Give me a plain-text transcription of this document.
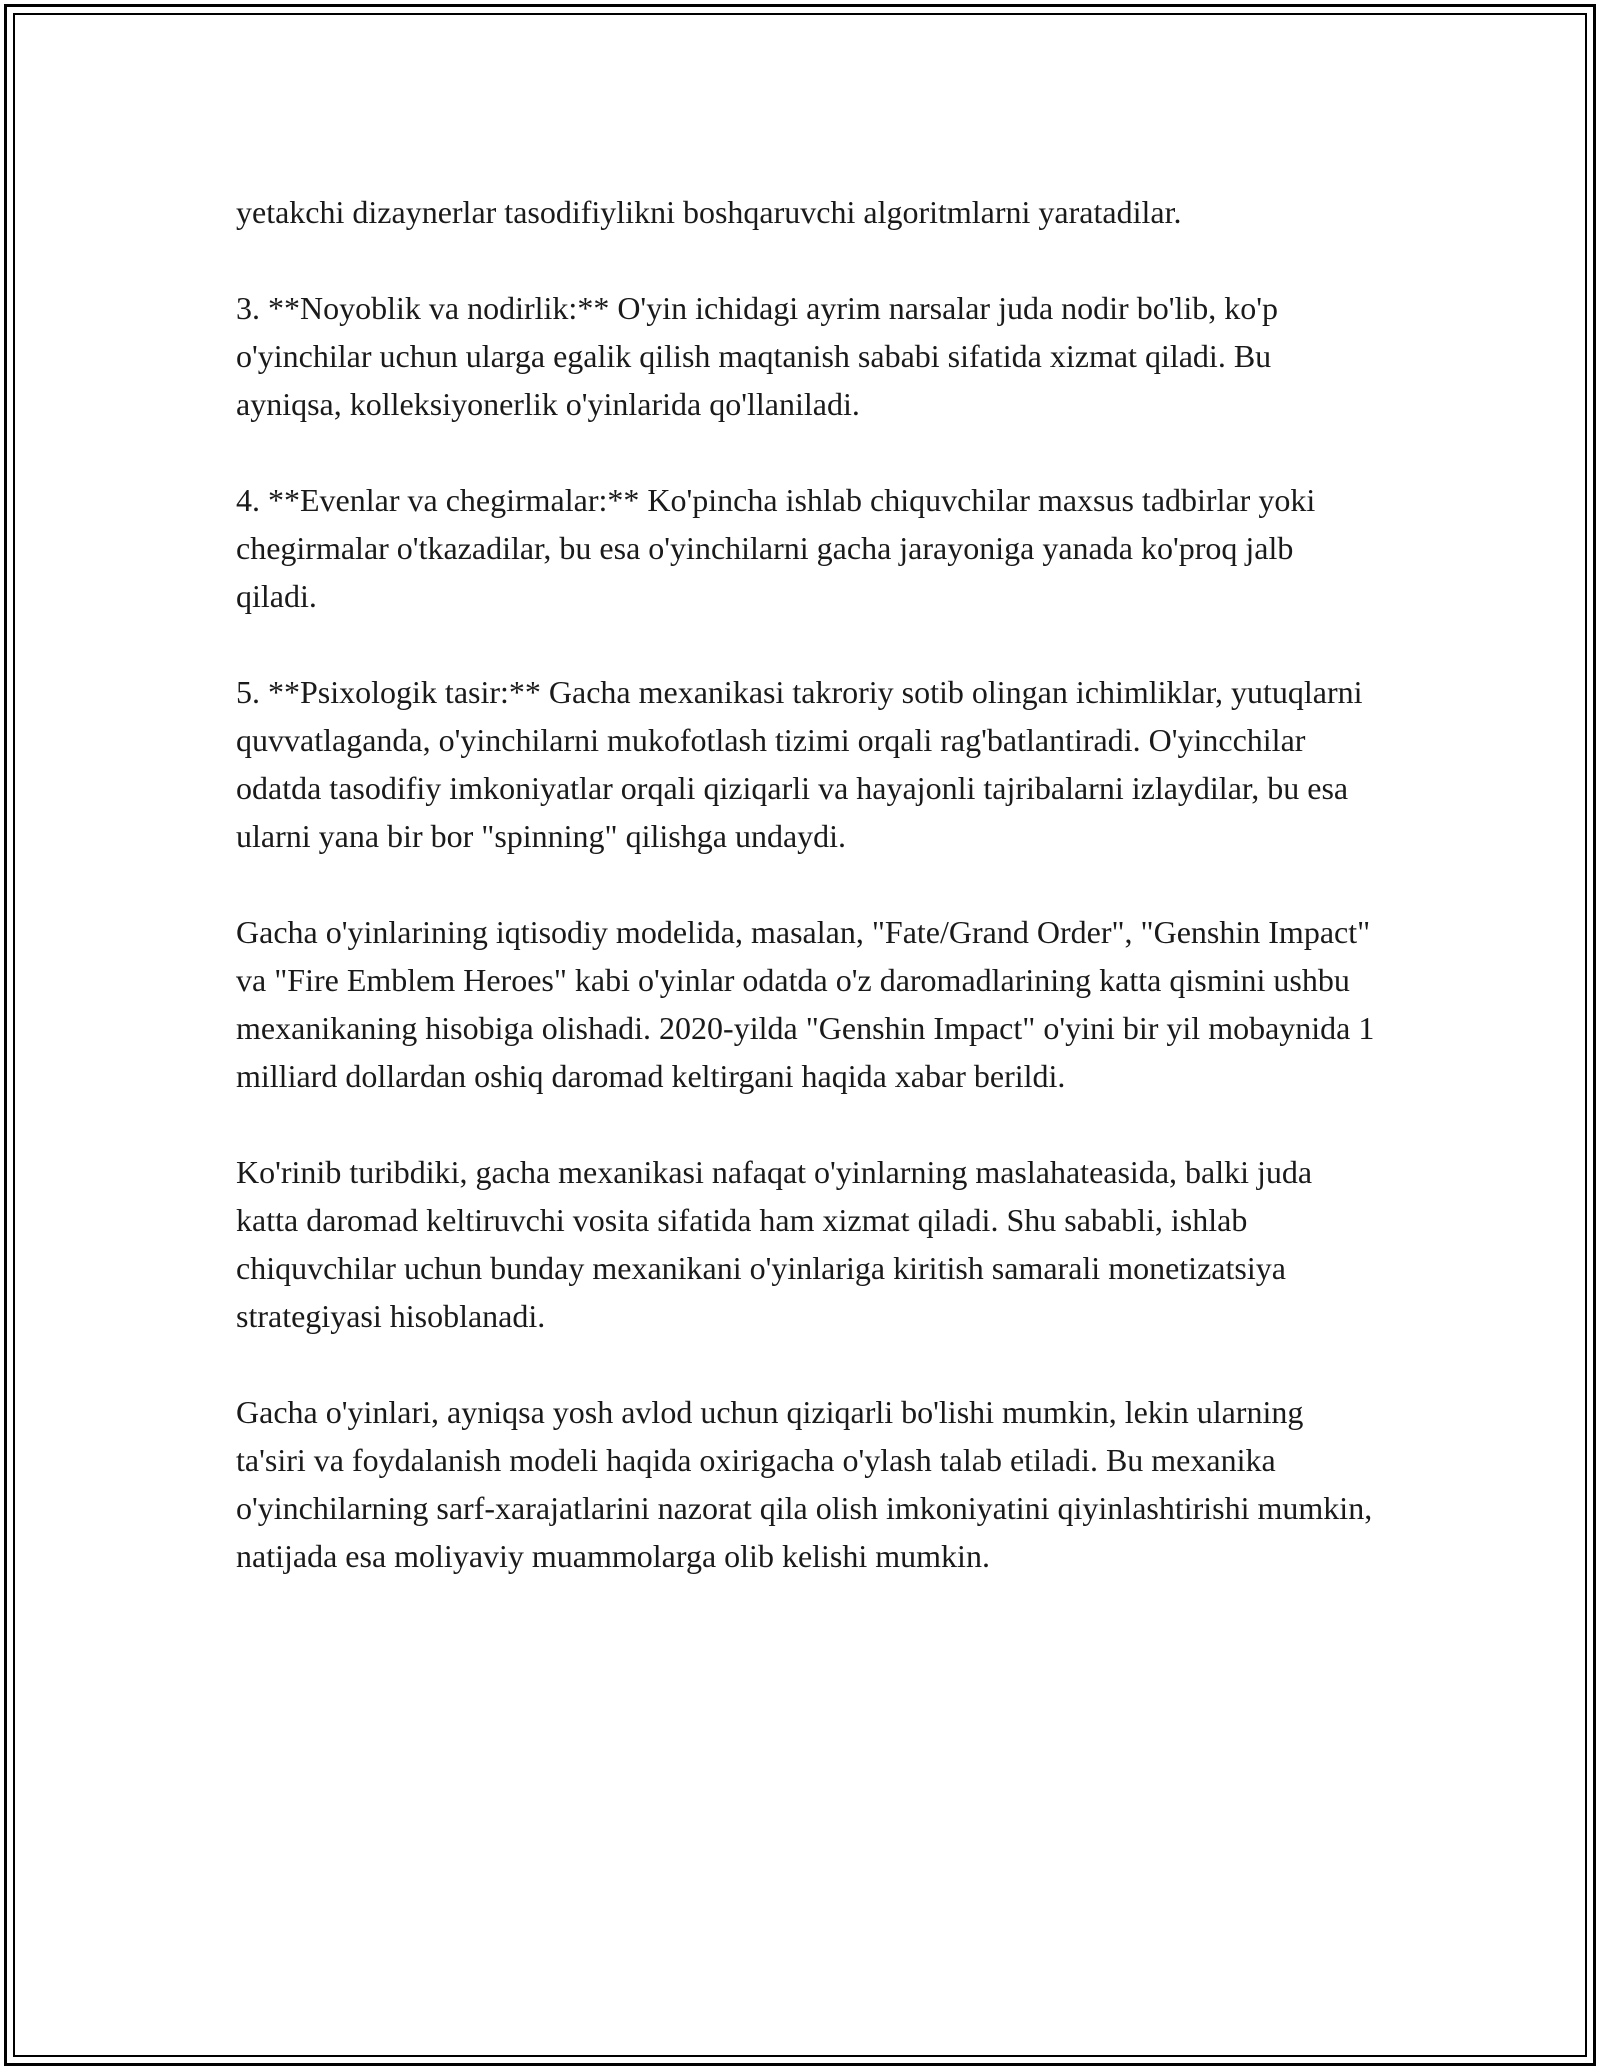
yetakchi dizaynerlar tasodifiylikni boshqaruvchi algoritmlarni yaratadilar.

3. **Noyoblik va nodirlik:** O'yin ichidagi ayrim narsalar juda nodir bo'lib, ko'p o'yinchilar uchun ularga egalik qilish maqtanish sababi sifatida xizmat qiladi. Bu ayniqsa, kolleksiyonerlik o'yinlarida qo'llaniladi.

4. **Evenlar va chegirmalar:** Ko'pincha ishlab chiquvchilar maxsus tadbirlar yoki chegirmalar o'tkazadilar, bu esa o'yinchilarni gacha jarayoniga yanada ko'proq jalb qiladi.

5. **Psixologik tasir:** Gacha mexanikasi takroriy sotib olingan ichimliklar, yutuqlarni quvvatlaganda, o'yinchilarni mukofotlash tizimi orqali rag'batlantiradi. O'yincchilar odatda tasodifiy imkoniyatlar orqali qiziqarli va hayajonli tajribalarni izlaydilar, bu esa ularni yana bir bor "spinning" qilishga undaydi.

Gacha o'yinlarining iqtisodiy modelida, masalan, "Fate/Grand Order", "Genshin Impact" va "Fire Emblem Heroes" kabi o'yinlar odatda o'z daromadlarining katta qismini ushbu mexanikaning hisobiga olishadi. 2020-yilda "Genshin Impact" o'yini bir yil mobaynida 1 milliard dollardan oshiq daromad keltirgani haqida xabar berildi.

Ko'rinib turibdiki, gacha mexanikasi nafaqat o'yinlarning maslahateasida, balki juda katta daromad keltiruvchi vosita sifatida ham xizmat qiladi. Shu sababli, ishlab chiquvchilar uchun bunday mexanikani o'yinlariga kiritish samarali monetizatsiya strategiyasi hisoblanadi.

Gacha o'yinlari, ayniqsa yosh avlod uchun qiziqarli bo'lishi mumkin, lekin ularning ta'siri va foydalanish modeli haqida oxirigacha o'ylash talab etiladi. Bu mexanika o'yinchilarning sarf-xarajatlarini nazorat qila olish imkoniyatini qiyinlashtirishi mumkin, natijada esa moliyaviy muammolarga olib kelishi mumkin.
